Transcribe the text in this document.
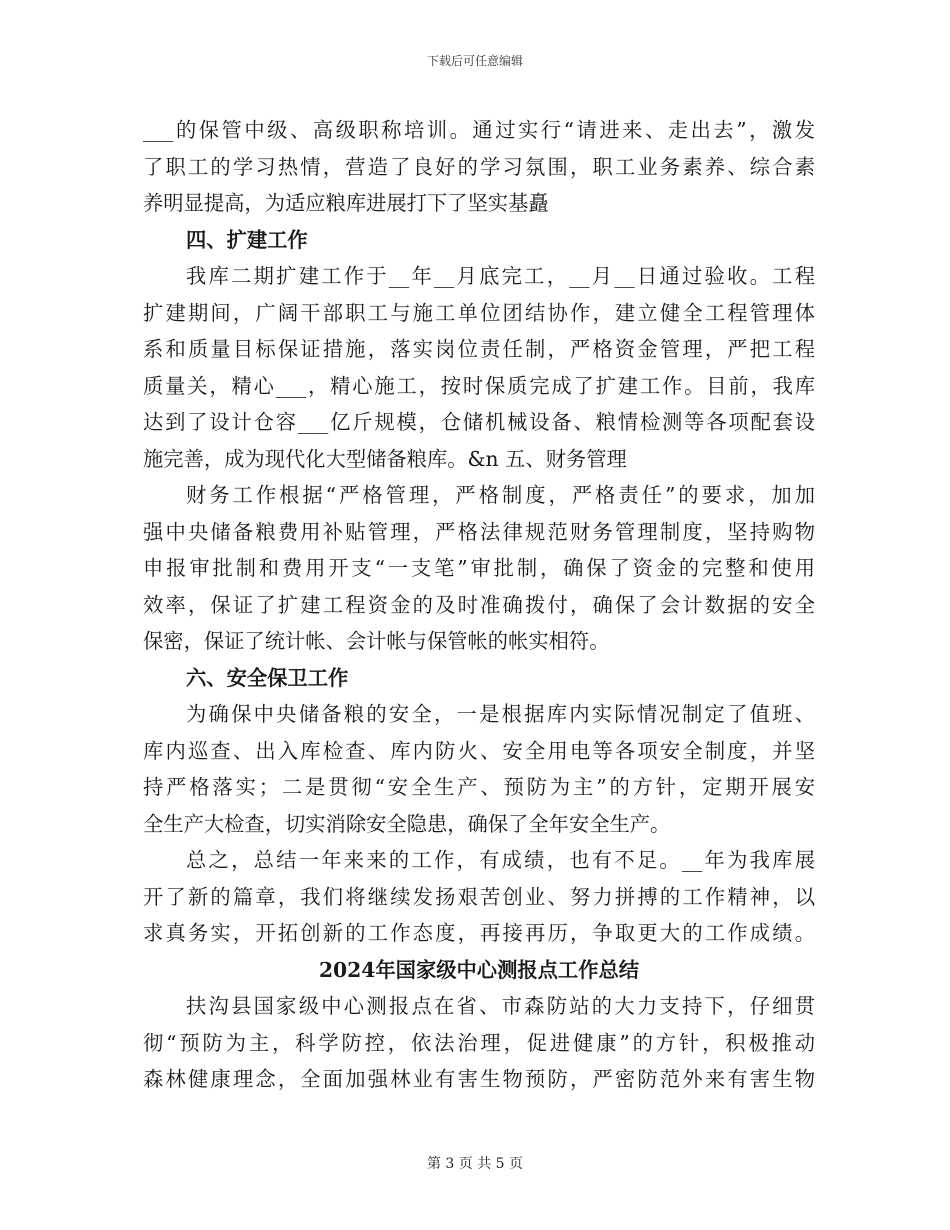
下载后可任意编辑
___的保管中级、高级职称培训。通过实行“请进来、走出去”，激发
了职工的学习热情，营造了良好的学习氛围，职工业务素养、综合素
养明显提高，为适应粮库进展打下了坚实基矗
四、扩建工作
我库二期扩建工作于__年__月底完工，__月__日通过验收。工程
扩建期间，广阔干部职工与施工单位团结协作，建立健全工程管理体
系和质量目标保证措施，落实岗位责任制，严格资金管理，严把工程
质量关，精心___，精心施工，按时保质完成了扩建工作。目前，我库
达到了设计仓容___亿斤规模，仓储机械设备、粮情检测等各项配套设
施完善，成为现代化大型储备粮库。&n 五、财务管理
财务工作根据“严格管理，严格制度，严格责任”的要求，加加
强中央储备粮费用补贴管理，严格法律规范财务管理制度，坚持购物
申报审批制和费用开支“一支笔”审批制，确保了资金的完整和使用
效率，保证了扩建工程资金的及时准确拨付，确保了会计数据的安全
保密，保证了统计帐、会计帐与保管帐的帐实相符。
六、安全保卫工作
为确保中央储备粮的安全，一是根据库内实际情况制定了值班、
库内巡查、出入库检查、库内防火、安全用电等各项安全制度，并坚
持严格落实；二是贯彻“安全生产、预防为主”的方针，定期开展安
全生产大检查，切实消除安全隐患，确保了全年安全生产。
总之，总结一年来来的工作，有成绩，也有不足。__年为我库展
开了新的篇章，我们将继续发扬艰苦创业、努力拼搏的工作精神，以
求真务实，开拓创新的工作态度，再接再历，争取更大的工作成绩。
2024年国家级中心测报点工作总结
扶沟县国家级中心测报点在省、市森防站的大力支持下，仔细贯
彻“预防为主，科学防控，依法治理，促进健康”的方针，积极推动
森林健康理念，全面加强林业有害生物预防，严密防范外来有害生物
第 3 页 共 5 页
